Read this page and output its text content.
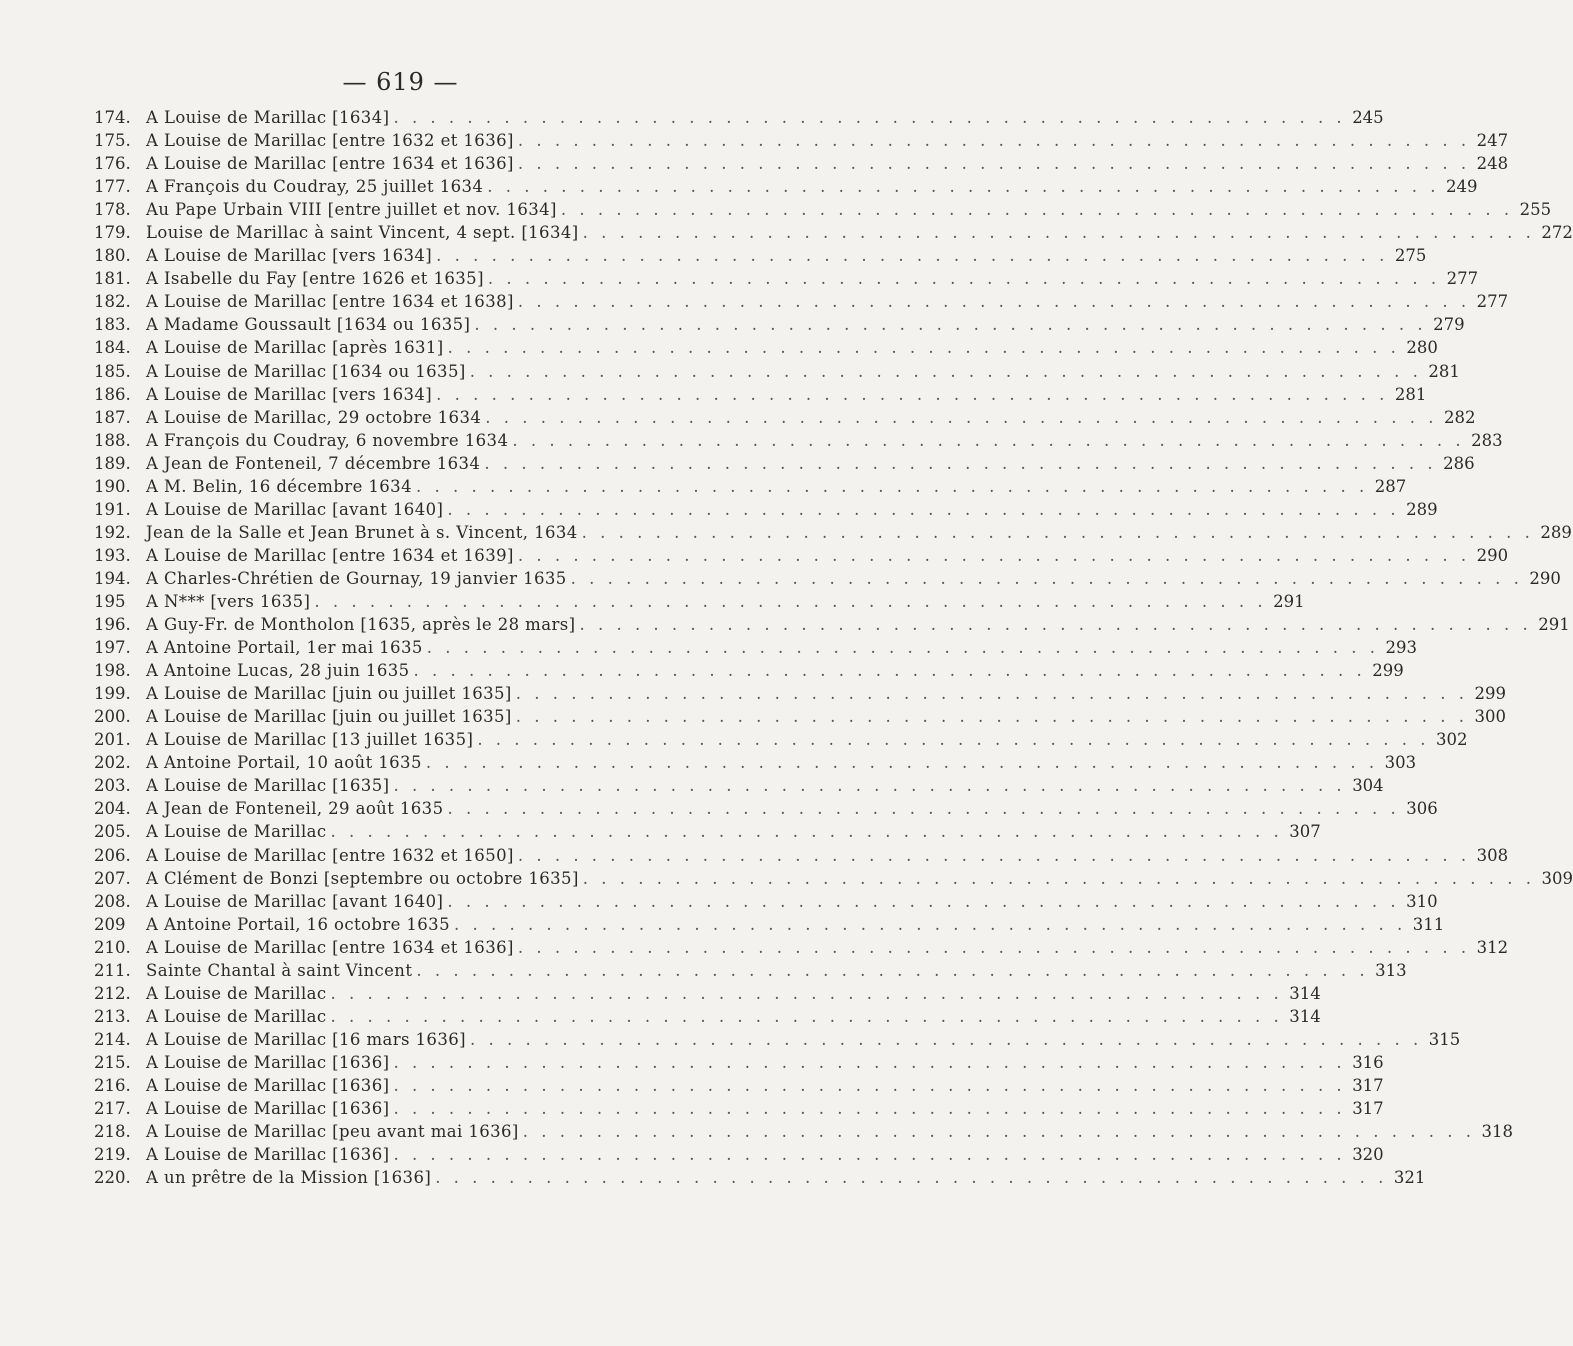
— 619 —
174. A Louise de Marillac [1634] . . .	245
175. A Louise de Marillac [entre 1632 et 1636] . . .	247
176. A Louise de Marillac [entre 1634 et 1636] . . .	248
177. A François du Coudray, 25 juillet 1634 . . .	249
178. Au Pape Urbain VIII [entre juillet et nov. 1634] . . .	255
179. Louise de Marillac à saint Vincent, 4 sept. [1634] . . .	272
180. A Louise de Marillac [vers 1634] . . .	275
181. A Isabelle du Fay [entre 1626 et 1635] . . .	277
182. A Louise de Marillac [entre 1634 et 1638] . . .	277
183. A Madame Goussault [1634 ou 1635] . . .	279
184. A Louise de Marillac [après 1631] . . .	280
185. A Louise de Marillac [1634 ou 1635] . . .	281
186. A Louise de Marillac [vers 1634] . . .	281
187. A Louise de Marillac, 29 octobre 1634 . . .	282
188. A François du Coudray, 6 novembre 1634 . . .	283
189. A Jean de Fonteneil, 7 décembre 1634 . . .	286
190. A M. Belin, 16 décembre 1634 . . .	287
191. A Louise de Marillac [avant 1640] . . .	289
192. Jean de la Salle et Jean Brunet à s. Vincent, 1634 . . .	289
193. A Louise de Marillac [entre 1634 et 1639] . . .	290
194. A Charles-Chrétien de Gournay, 19 janvier 1635 . . .	290
195	A N*** [vers 1635] . . .	291
196. A Guy-Fr. de Montholon [1635, après le 28 mars] . . .	291
197. A Antoine Portail, 1er mai 1635 . . .	293
198. A Antoine Lucas, 28 juin 1635 . . .	299
199. A Louise de Marillac [juin ou juillet 1635] . . .	299
200. A Louise de Marillac [juin ou juillet 1635] . . .	300
201. A Louise de Marillac [13 juillet 1635] . . .	302
202. A Antoine Portail, 10 août 1635 . . .	303
203. A Louise de Marillac [1635] . . .	304
204. A Jean de Fonteneil, 29 août 1635 . . .	306
205. A Louise de Marillac . . .	307
206. A Louise de Marillac [entre 1632 et 1650] . . .	308
207. A Clément de Bonzi [septembre ou octobre 1635] . . .	309
208. A Louise de Marillac [avant 1640] . . .	310
209	A Antoine Portail, 16 octobre 1635 . . .	311
210. A Louise de Marillac [entre 1634 et 1636] . . .	312
211. Sainte Chantal à saint Vincent . . .	313
212. A Louise de Marillac . . .	314
213. A Louise de Marillac . . .	314
214. A Louise de Marillac [16 mars 1636] . . .	315
215. A Louise de Marillac [1636] . . .	316
216. A Louise de Marillac [1636] . . .	317
217. A Louise de Marillac [1636] . . .	317
218. A Louise de Marillac [peu avant mai 1636] . . .	318
219. A Louise de Marillac [1636] . . .	320
220. A un prêtre de la Mission [1636] . . .	321
